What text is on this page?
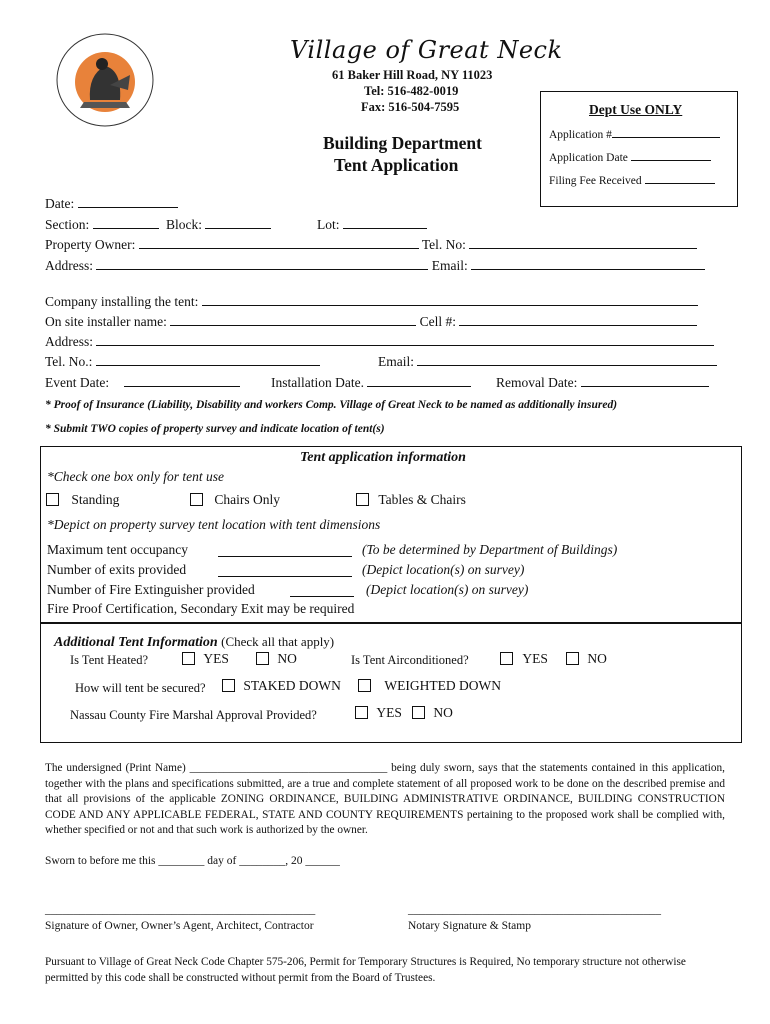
Village of Great Neck
61 Baker Hill Road, NY 11023
Tel: 516-482-0019
Fax: 516-504-7595
Building Department
Tent Application
Dept Use ONLY
Application #
Application Date
Filing Fee Received
Date:
Section:	Block:	Lot:
Property Owner:	Tel. No:
Address:	Email:
Company installing the tent:
On site installer name:	Cell #:
Address:
Tel. No.:	Email:
Event Date:	Installation Date.	Removal Date:
* Proof of Insurance (Liability, Disability and workers Comp. Village of Great Neck to be named as additionally insured)
* Submit TWO copies of property survey and indicate location of tent(s)
Tent application information
*Check one box only for tent use
Standing	Chairs Only	Tables & Chairs
*Depict on property survey tent location with tent dimensions
Maximum tent occupancy	(To be determined by Department of Buildings)
Number of exits provided	(Depict location(s) on survey)
Number of Fire Extinguisher provided	(Depict location(s) on survey)
Fire Proof Certification, Secondary Exit may be required
Additional Tent Information (Check all that apply)
Is Tent Heated?	YES	NO	Is Tent Airconditioned?	YES	NO
How will tent be secured?	STAKED DOWN	WEIGHTED DOWN
Nassau County Fire Marshal Approval Provided?	YES	NO
The undersigned (Print Name) ___________________________________ being duly sworn, says that the statements contained in this application, together with the plans and specifications submitted, are a true and complete statement of all proposed work to be done on the described premise and that all provisions of the applicable ZONING ORDINANCE, BUILDING ADMINISTRATIVE ORDINANCE, BUILDING CONSTRUCTION CODE AND ANY APPLICABLE FEDERAL, STATE AND COUNTY REQUIREMENTS pertaining to the proposed work shall be complied with, whether specified or not and that such work is authorized by the owner.
Sworn to before me this ________ day of ________, 20 ______
_______________________________________________
Signature of Owner, Owner’s Agent, Architect, Contractor
____________________________________________
Notary Signature & Stamp
Pursuant to Village of Great Neck Code Chapter 575-206, Permit for Temporary Structures is Required, No temporary structure not otherwise permitted by this code shall be constructed without permit from the Board of Trustees.
